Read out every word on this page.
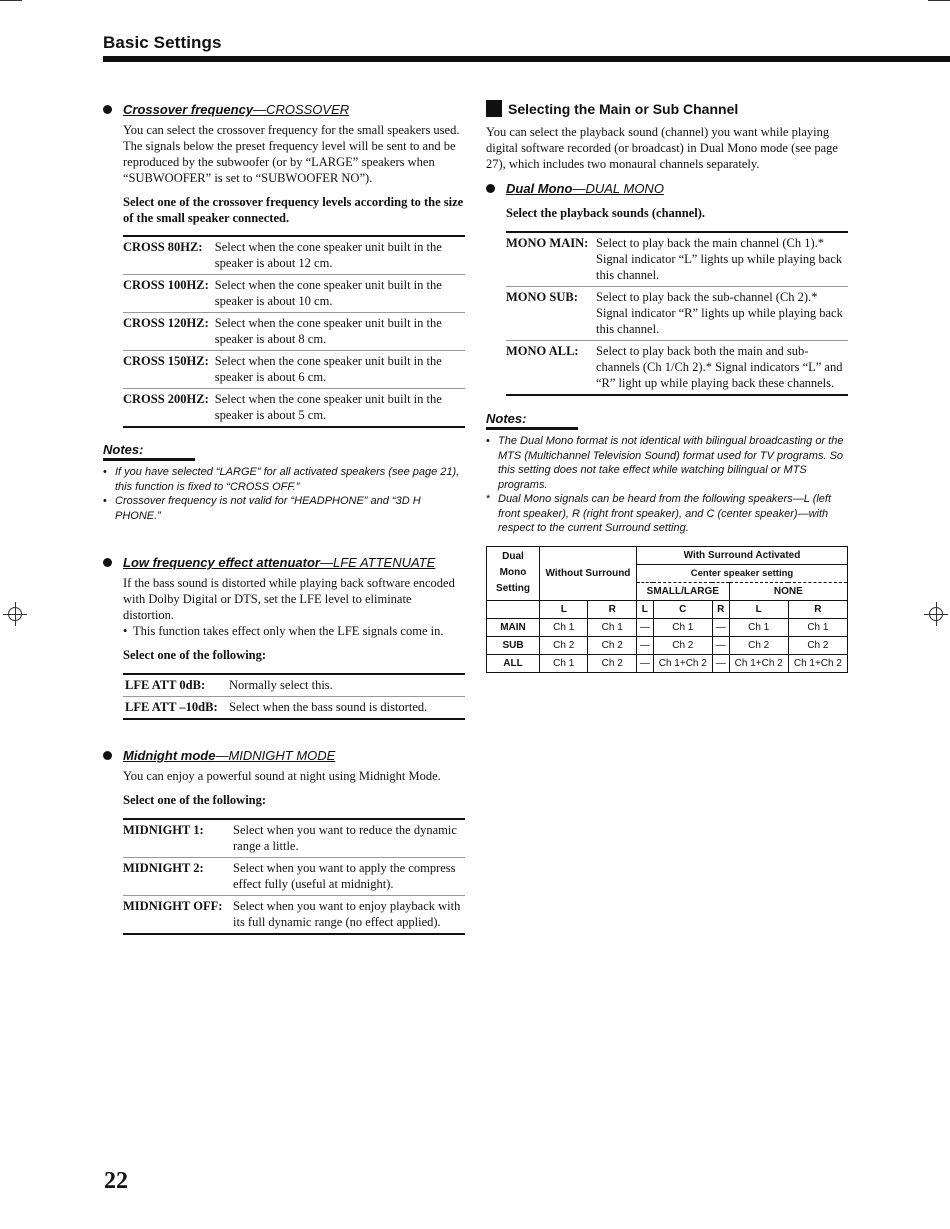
Basic Settings
Crossover frequency—CROSSOVER
You can select the crossover frequency for the small speakers used. The signals below the preset frequency level will be sent to and be reproduced by the subwoofer (or by “LARGE” speakers when “SUBWOOFER” is set to “SUBWOOFER NO”).
Select one of the crossover frequency levels according to the size of the small speaker connected.
CROSS 80HZ:	Select when the cone speaker unit built in the speaker is about 12 cm.
CROSS 100HZ:	Select when the cone speaker unit built in the speaker is about 10 cm.
CROSS 120HZ:	Select when the cone speaker unit built in the speaker is about 8 cm.
CROSS 150HZ:	Select when the cone speaker unit built in the speaker is about 6 cm.
CROSS 200HZ:	Select when the cone speaker unit built in the speaker is about 5 cm.
Notes:
• If you have selected “LARGE” for all activated speakers (see page 21), this function is fixed to “CROSS OFF.”
• Crossover frequency is not valid for “HEADPHONE” and “3D H PHONE.”
Low frequency effect attenuator—LFE ATTENUATE
If the bass sound is distorted while playing back software encoded with Dolby Digital or DTS, set the LFE level to eliminate distortion.
• This function takes effect only when the LFE signals come in.
Select one of the following:
LFE ATT 0dB:	Normally select this.
LFE ATT –10dB:	Select when the bass sound is distorted.
Midnight mode—MIDNIGHT MODE
You can enjoy a powerful sound at night using Midnight Mode.
Select one of the following:
MIDNIGHT 1:	Select when you want to reduce the dynamic range a little.
MIDNIGHT 2:	Select when you want to apply the compress effect fully (useful at midnight).
MIDNIGHT OFF:	Select when you want to enjoy playback with its full dynamic range (no effect applied).
Selecting the Main or Sub Channel
You can select the playback sound (channel) you want while playing digital software recorded (or broadcast) in Dual Mono mode (see page 27), which includes two monaural channels separately.
Dual Mono—DUAL MONO
Select the playback sounds (channel).
MONO MAIN:	Select to play back the main channel (Ch 1).* Signal indicator “L” lights up while playing back this channel.
MONO SUB:	Select to play back the sub-channel (Ch 2).* Signal indicator “R” lights up while playing back this channel.
MONO ALL:	Select to play back both the main and sub-channels (Ch 1/Ch 2).* Signal indicators “L” and “R” light up while playing back these channels.
Notes:
• The Dual Mono format is not identical with bilingual broadcasting or the MTS (Multichannel Television Sound) format used for TV programs. So this setting does not take effect while watching bilingual or MTS programs.
* Dual Mono signals can be heard from the following speakers—L (left front speaker), R (right front speaker), and C (center speaker)—with respect to the current Surround setting.
Dual Mono Setting	Without Surround		With Surround Activated				
			Center speaker setting				
			SMALL/LARGE			NONE	
	L	R	L	C	R	L	R
MAIN	Ch 1	Ch 1	—	Ch 1	—	Ch 1	Ch 1
SUB	Ch 2	Ch 2	—	Ch 2	—	Ch 2	Ch 2
ALL	Ch 1	Ch 2	—	Ch 1+Ch 2	—	Ch 1+Ch 2	Ch 1+Ch 2
22
